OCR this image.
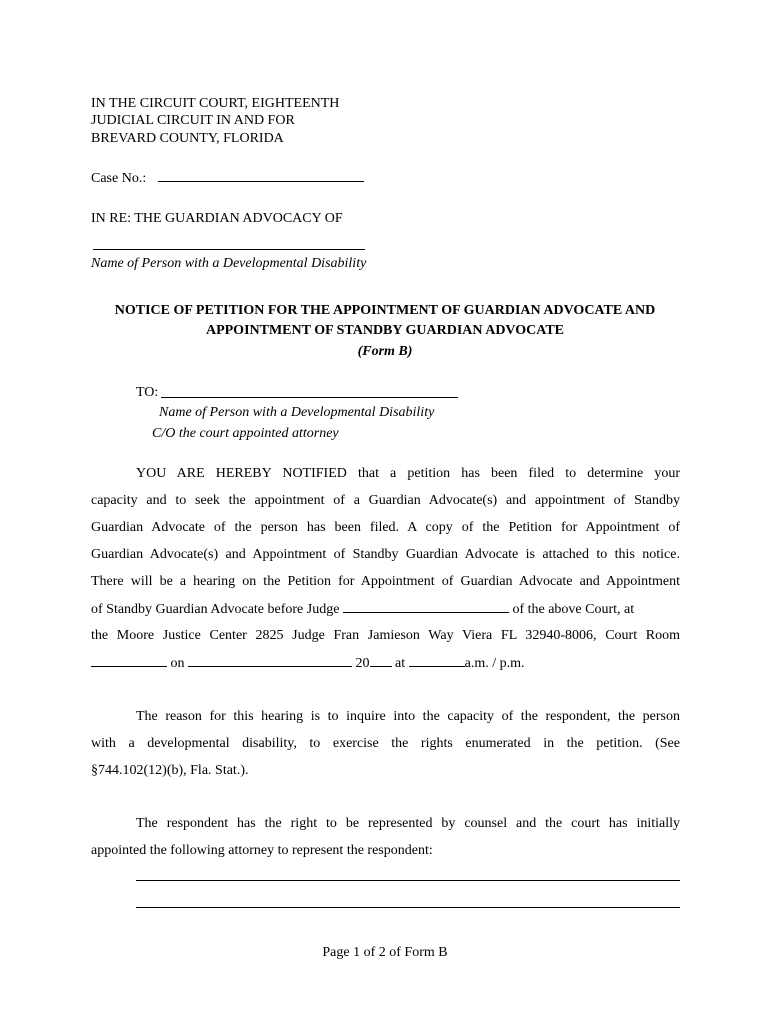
IN THE CIRCUIT COURT, EIGHTEENTH
JUDICIAL CIRCUIT IN AND FOR
BREVARD COUNTY, FLORIDA
Case No.:
IN RE: THE GUARDIAN ADVOCACY OF
Name of Person with a Developmental Disability
NOTICE OF PETITION FOR THE APPOINTMENT OF GUARDIAN ADVOCATE AND
APPOINTMENT OF STANDBY GUARDIAN ADVOCATE
(Form B)
TO:
Name of Person with a Developmental Disability
C/O the court appointed attorney
YOU ARE HEREBY NOTIFIED that a petition has been filed to determine your
capacity and to seek the appointment of a Guardian Advocate(s) and appointment of Standby
Guardian Advocate of the person has been filed. A copy of the Petition for Appointment of
Guardian Advocate(s) and Appointment of Standby Guardian Advocate is attached to this notice.
There will be a hearing on the Petition for Appointment of Guardian Advocate and Appointment
of Standby Guardian Advocate before Judge	of the above Court, at
the Moore Justice Center 2825 Judge Fran Jamieson Way Viera FL 32940-8006, Court Room
on	20 at	a.m. / p.m.
The reason for this hearing is to inquire into the capacity of the respondent, the person
with a developmental disability, to exercise the rights enumerated in the petition. (See
§744.102(12)(b), Fla. Stat.).
The respondent has the right to be represented by counsel and the court has initially
appointed the following attorney to represent the respondent:
Page 1 of 2 of Form B
